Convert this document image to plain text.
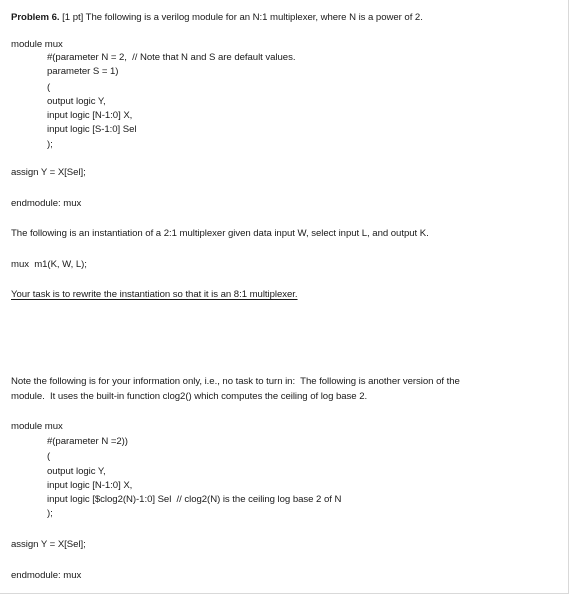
Problem 6. [1 pt] The following is a verilog module for an N:1 multiplexer, where N is a power of 2.
module mux
#(parameter N = 2,  // Note that N and S are default values.
parameter S = 1)
(
output logic Y,
input logic [N-1:0] X,
input logic [S-1:0] Sel
);
assign Y = X[Sel];
endmodule: mux
The following is an instantiation of a 2:1 multiplexer given data input W, select input L, and output K.
mux  m1(K, W, L);
Your task is to rewrite the instantiation so that it is an 8:1 multiplexer.
Note the following is for your information only, i.e., no task to turn in:  The following is another version of the
module.  It uses the built-in function clog2() which computes the ceiling of log base 2.
module mux
#(parameter N =2))
(
output logic Y,
input logic [N-1:0] X,
input logic [$clog2(N)-1:0] Sel  // clog2(N) is the ceiling log base 2 of N
);
assign Y = X[Sel];
endmodule: mux
